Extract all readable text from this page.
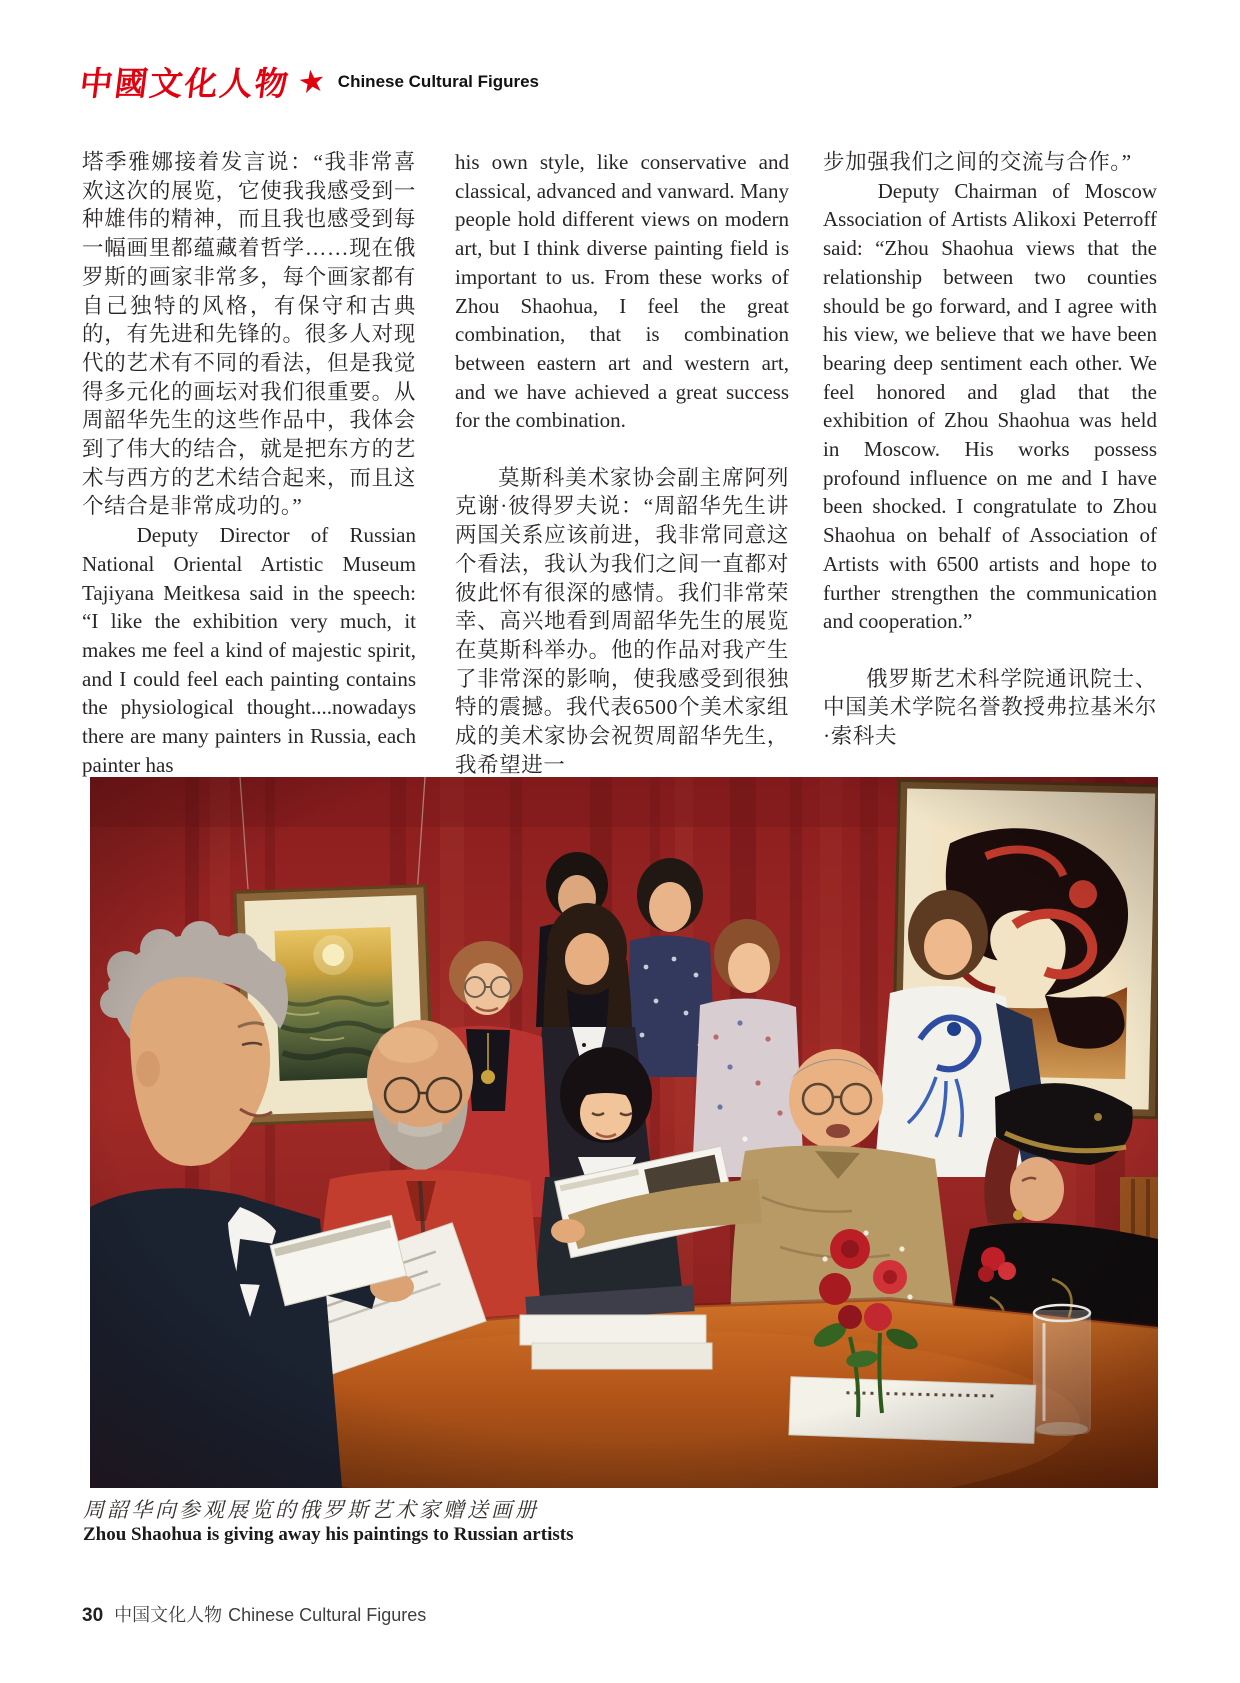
中國文化人物 ★ Chinese Cultural Figures

塔季雅娜接着发言说：“我非常喜欢这次的展览，它使我我感受到一种雄伟的精神，而且我也感受到每一幅画里都蕴藏着哲学……现在俄罗斯的画家非常多，每个画家都有自己独特的风格，有保守和古典的，有先进和先锋的。很多人对现代的艺术有不同的看法，但是我觉得多元化的画坛对我们很重要。从周韶华先生的这些作品中，我体会到了伟大的结合，就是把东方的艺术与西方的艺术结合起来，而且这个结合是非常成功的。”

Deputy Director of Russian National Oriental Artistic Museum Tajiyana Meitkesa said in the speech: “I like the exhibition very much, it makes me feel a kind of majestic spirit, and I could feel each painting contains the physiological thought....nowadays there are many painters in Russia, each painter has

his own style, like conservative and classical, advanced and vanward. Many people hold different views on modern art, but I think diverse painting field is important to us. From these works of Zhou Shaohua, I feel the great combination, that is combination between eastern art and western art, and we have achieved a great success for the combination.

莫斯科美术家协会副主席阿列克谢·彼得罗夫说：“周韶华先生讲两国关系应该前进，我非常同意这个看法，我认为我们之间一直都对彼此怀有很深的感情。我们非常荣幸、高兴地看到周韶华先生的展览在莫斯科举办。他的作品对我产生了非常深的影响，使我感受到很独特的震撼。我代表6500个美术家组成的美术家协会祝贺周韶华先生，我希望进一

步加强我们之间的交流与合作。”

Deputy Chairman of Moscow Association of Artists Alikoxi Peterroff said: “Zhou Shaohua views that the relationship between two counties should be go forward, and I agree with his view, we believe that we have been bearing deep sentiment each other. We feel honored and glad that the exhibition of Zhou Shaohua was held in Moscow. His works possess profound influence on me and I have been shocked. I congratulate to Zhou Shaohua on behalf of Association of Artists with 6500 artists and hope to further strengthen the communication and cooperation.”

俄罗斯艺术科学院通讯院士、中国美术学院名誉教授弗拉基米尔·索科夫

周韶华向参观展览的俄罗斯艺术家赠送画册
Zhou Shaohua is giving away his paintings to Russian artists
30 中国文化人物 Chinese Cultural Figures
